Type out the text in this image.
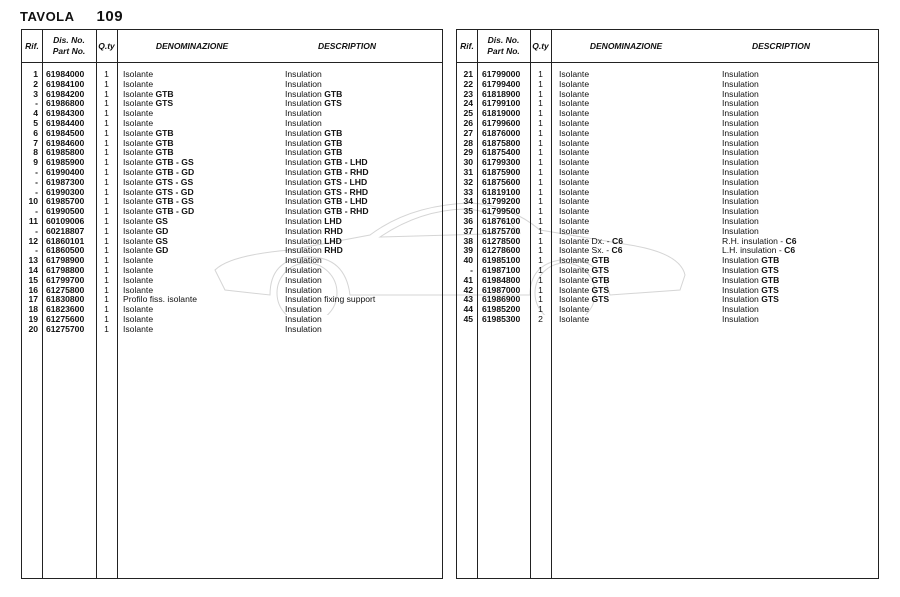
TAVOLA 109
Rif.
Dis. No.
Part No.
Q.ty	DENOMINAZIONE	DESCRIPTION
1 61984000	1	Isolante	Insulation
2 61984100	1	Isolante	Insulation
3 61984200	1	Isolante GTB	Insulation GTB
- 61986800	1	Isolante GTS	Insulation GTS
4 61984300	1	Isolante	Insulation
5 61984400	1	Isolante	Insulation
6 61984500	1	Isolante GTB	Insulation GTB
7 61984600	1	Isolante GTB	Insulation GTB
8 61985800	1	Isolante GTB	Insulation GTB
9 61985900	1	Isolante GTB - GS	Insulation GTB - LHD
- 61990400	1	Isolante GTB - GD	Insulation GTB - RHD
- 61987300	1	Isolante GTS - GS	Insulation GTS - LHD
- 61990300	1	Isolante GTS - GD	Insulation GTS - RHD
10 61985700	1	Isolante GTB - GS	Insulation GTB - LHD
- 61990500	1	Isolante GTB - GD	Insulation GTB - RHD
11 60109006	1	Isolante GS	Insulation LHD
- 60218807	1	Isolante GD	Insulation RHD
12 61860101	1	Isolante GS	Insulation LHD
- 61860500	1	Isolante GD	Insulation RHD
13 61798900	1	Isolante	Insulation
14 61798800	1	Isolante	Insulation
15 61799700	1	Isolante	Insulation
16 61275800	1	Isolante	Insulation
17 61830800	1	Profilo fiss. isolante	Insulation fixing support
18 61823600	1	Isolante	Insulation
19 61275600	1	Isolante	Insulation
20 61275700	1	Isolante	Insulation
Rif.
Dis. No.
Part No.
Q.ty	DENOMINAZIONE	DESCRIPTION
21 61799000	1	Isolante	Insulation
22 61799400	1	Isolante	Insulation
23 61818900	1	Isolante	Insulation
24 61799100	1	Isolante	Insulation
25 61819000	1	Isolante	Insulation
26 61799600	1	Isolante	Insulation
27 61876000	1	Isolante	Insulation
28 61875800	1	Isolante	Insulation
29 61875400	1	Isolante	Insulation
30 61799300	1	Isolante	Insulation
31 61875900	1	Isolante	Insulation
32 61875600	1	Isolante	Insulation
33 61819100	1	Isolante	Insulation
34 61799200	1	Isolante	Insulation
35 61799500	1	Isolante	Insulation
36 61876100	1	Isolante	Insulation
37 61875700	1	Isolante	Insulation
38 61278500	1	Isolante Dx. - C6	R.H. insulation - C6
39 61278600	1	Isolante Sx. - C6	L.H. insulation - C6
40 61985100	1	Isolante GTB	Insulation GTB
- 61987100	1	Isolante GTS	Insulation GTS
41 61984800	1	Isolante GTB	Insulation GTB
42 61987000	1	Isolante GTS	Insulation GTS
43 61986900	1	Isolante GTS	Insulation GTS
44 61985200	1	Isolante	Insulation
45 61985300	2	Isolante	Insulation
